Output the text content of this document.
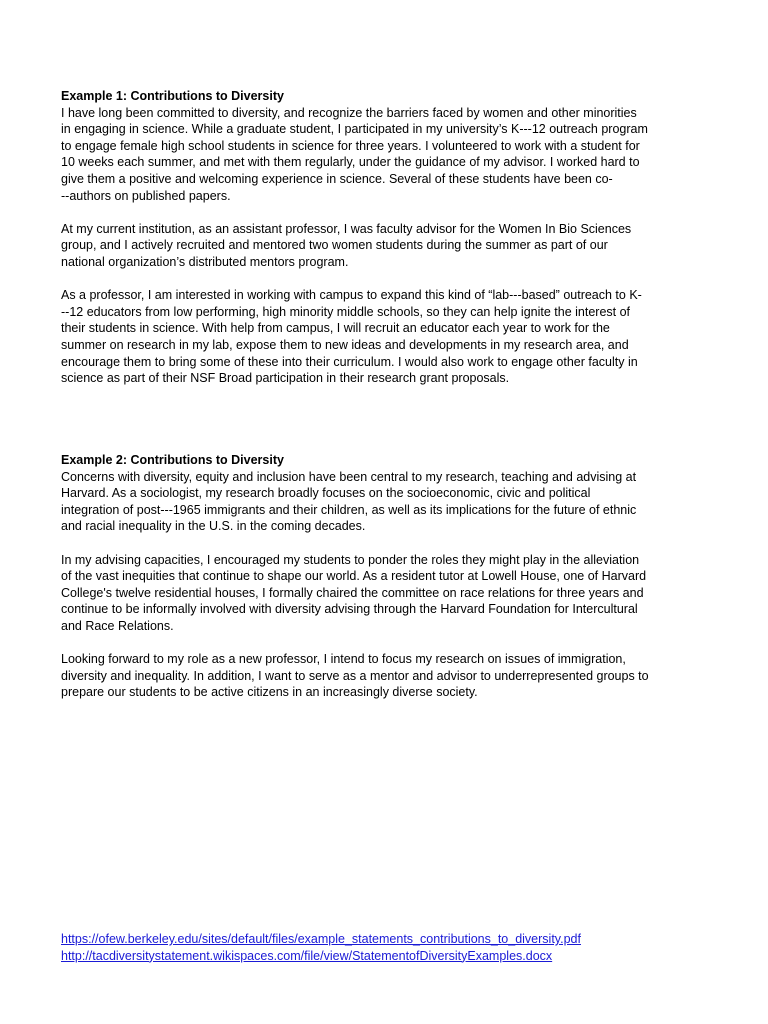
Example 1: Contributions to Diversity

I have long been committed to diversity, and recognize the barriers faced by women and other minorities
in engaging in science. While a graduate student, I participated in my university’s K---12 outreach program
to engage female high school students in science for three years. I volunteered to work with a student for
10 weeks each summer, and met with them regularly, under the guidance of my advisor. I worked hard to
give them a positive and welcoming experience in science. Several of these students have been co-
--authors on published papers.

At my current institution, as an assistant professor, I was faculty advisor for the Women In Bio Sciences
group, and I actively recruited and mentored two women students during the summer as part of our
national organization’s distributed mentors program.

As a professor, I am interested in working with campus to expand this kind of “lab---based” outreach to K-
--12 educators from low performing, high minority middle schools, so they can help ignite the interest of
their students in science. With help from campus, I will recruit an educator each year to work for the
summer on research in my lab, expose them to new ideas and developments in my research area, and
encourage them to bring some of these into their curriculum. I would also work to engage other faculty in
science as part of their NSF Broad participation in their research grant proposals.

Example 2: Contributions to Diversity

Concerns with diversity, equity and inclusion have been central to my research, teaching and advising at
Harvard. As a sociologist, my research broadly focuses on the socioeconomic, civic and political
integration of post---1965 immigrants and their children, as well as its implications for the future of ethnic
and racial inequality in the U.S. in the coming decades.

In my advising capacities, I encouraged my students to ponder the roles they might play in the alleviation
of the vast inequities that continue to shape our world. As a resident tutor at Lowell House, one of Harvard
College's twelve residential houses, I formally chaired the committee on race relations for three years and
continue to be informally involved with diversity advising through the Harvard Foundation for Intercultural
and Race Relations.

Looking forward to my role as a new professor, I intend to focus my research on issues of immigration,
diversity and inequality. In addition, I want to serve as a mentor and advisor to underrepresented groups to
prepare our students to be active citizens in an increasingly diverse society.

https://ofew.berkeley.edu/sites/default/files/example_statements_contributions_to_diversity.pdf
http://tacdiversitystatement.wikispaces.com/file/view/StatementofDiversityExamples.docx
